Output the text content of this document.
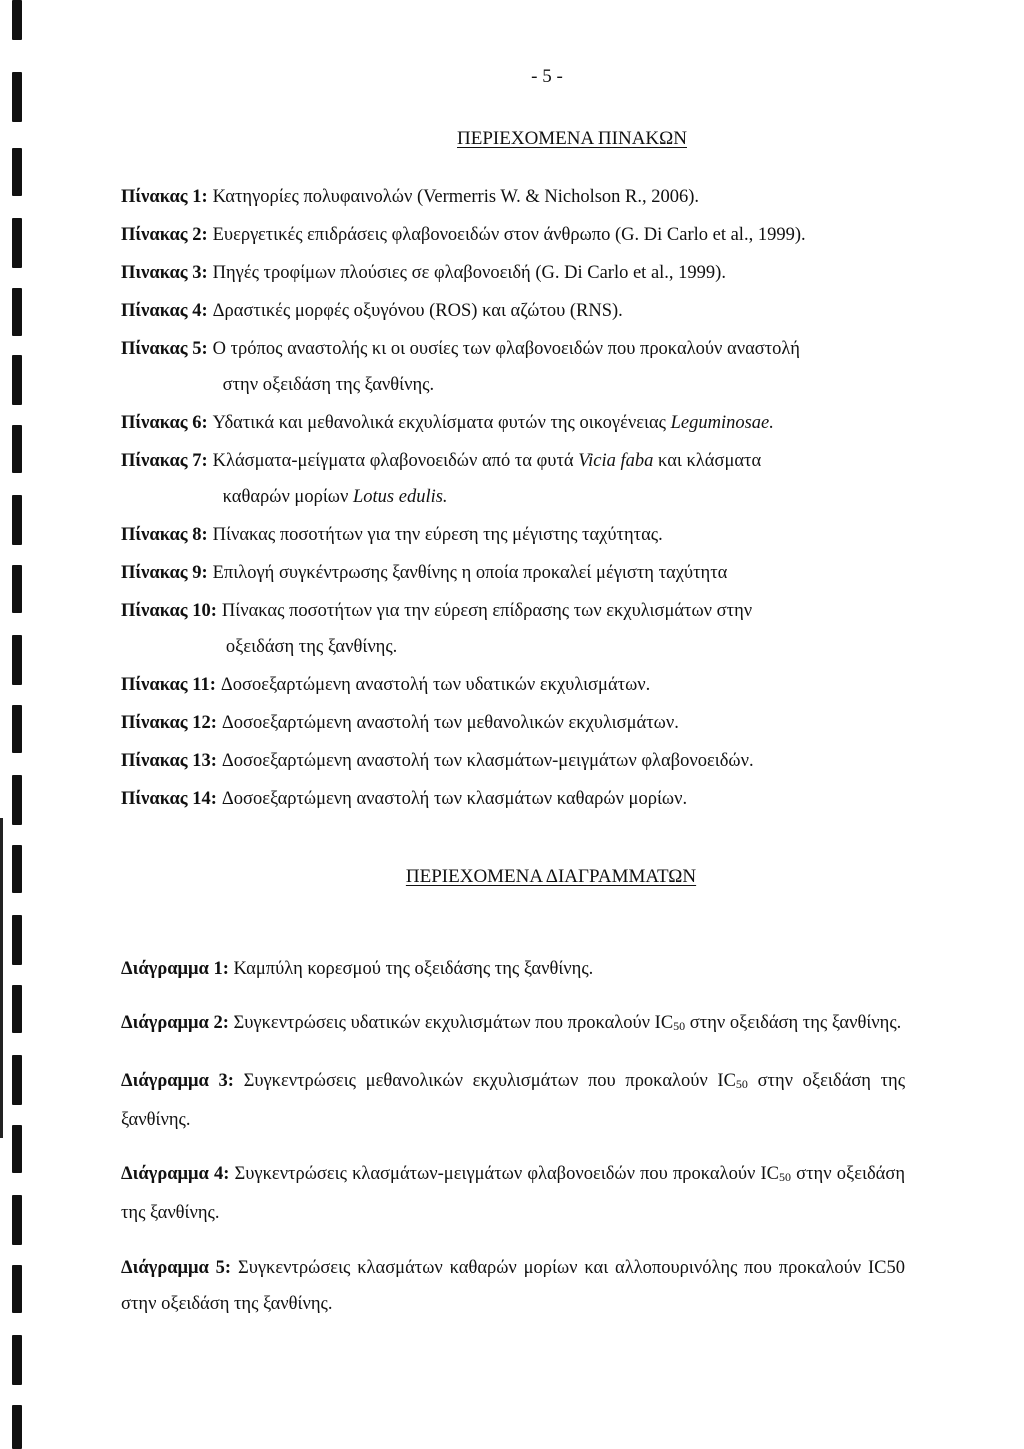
- 5 -
ΠΕΡΙΕΧΟΜΕΝΑ ΠΙΝΑΚΩΝ

Πίνακας 1: Κατηγορίες πολυφαινολών (Vermerris W. & Nicholson R., 2006).

Πίνακας 2: Ευεργετικές επιδράσεις φλαβονοειδών στον άνθρωπο (G. Di Carlo et al., 1999).

Πινακας 3: Πηγές τροφίμων πλούσιες σε φλαβονοειδή (G. Di Carlo et al., 1999).

Πίνακας 4: Δραστικές μορφές οξυγόνου (ROS) και αζώτου (RNS).

Πίνακας 5: Ο τρόπος αναστολής κι οι ουσίες των φλαβονοειδών που προκαλούν αναστολή
στην οξειδάση της ξανθίνης.

Πίνακας 6: Υδατικά και μεθανολικά εκχυλίσματα φυτών της οικογένειας Leguminosae.

Πίνακας 7: Κλάσματα-μείγματα φλαβονοειδών από τα φυτά Vicia faba και κλάσματα
καθαρών μορίων Lotus edulis.

Πίνακας 8: Πίνακας ποσοτήτων για την εύρεση της μέγιστης ταχύτητας.

Πίνακας 9: Επιλογή συγκέντρωσης ξανθίνης η οποία προκαλεί μέγιστη ταχύτητα

Πίνακας 10: Πίνακας ποσοτήτων για την εύρεση επίδρασης των εκχυλισμάτων στην
οξειδάση της ξανθίνης.

Πίνακας 11: Δοσοεξαρτώμενη αναστολή των υδατικών εκχυλισμάτων.

Πίνακας 12: Δοσοεξαρτώμενη αναστολή των μεθανολικών εκχυλισμάτων.

Πίνακας 13: Δοσοεξαρτώμενη αναστολή των κλασμάτων-μειγμάτων φλαβονοειδών.

Πίνακας 14: Δοσοεξαρτώμενη αναστολή των κλασμάτων καθαρών μορίων.

ΠΕΡΙΕΧΟΜΕΝΑ ΔΙΑΓΡΑΜΜΑΤΩΝ

Διάγραμμα 1: Καμπύλη κορεσμού της οξειδάσης της ξανθίνης.

Διάγραμμα 2: Συγκεντρώσεις υδατικών εκχυλισμάτων που προκαλούν $IC_{50}$ στην οξειδάση της ξανθίνης.

Διάγραμμα 3: Συγκεντρώσεις μεθανολικών εκχυλισμάτων που προκαλούν $IC_{50}$ στην οξειδάση της ξανθίνης.

Διάγραμμα 4: Συγκεντρώσεις κλασμάτων-μειγμάτων φλαβονοειδών που προκαλούν $IC_{50}$ στην οξειδάση της ξανθίνης.

Διάγραμμα 5: Συγκεντρώσεις κλασμάτων καθαρών μορίων και αλλοπουρινόλης που προκαλούν IC50 στην οξειδάση της ξανθίνης.
